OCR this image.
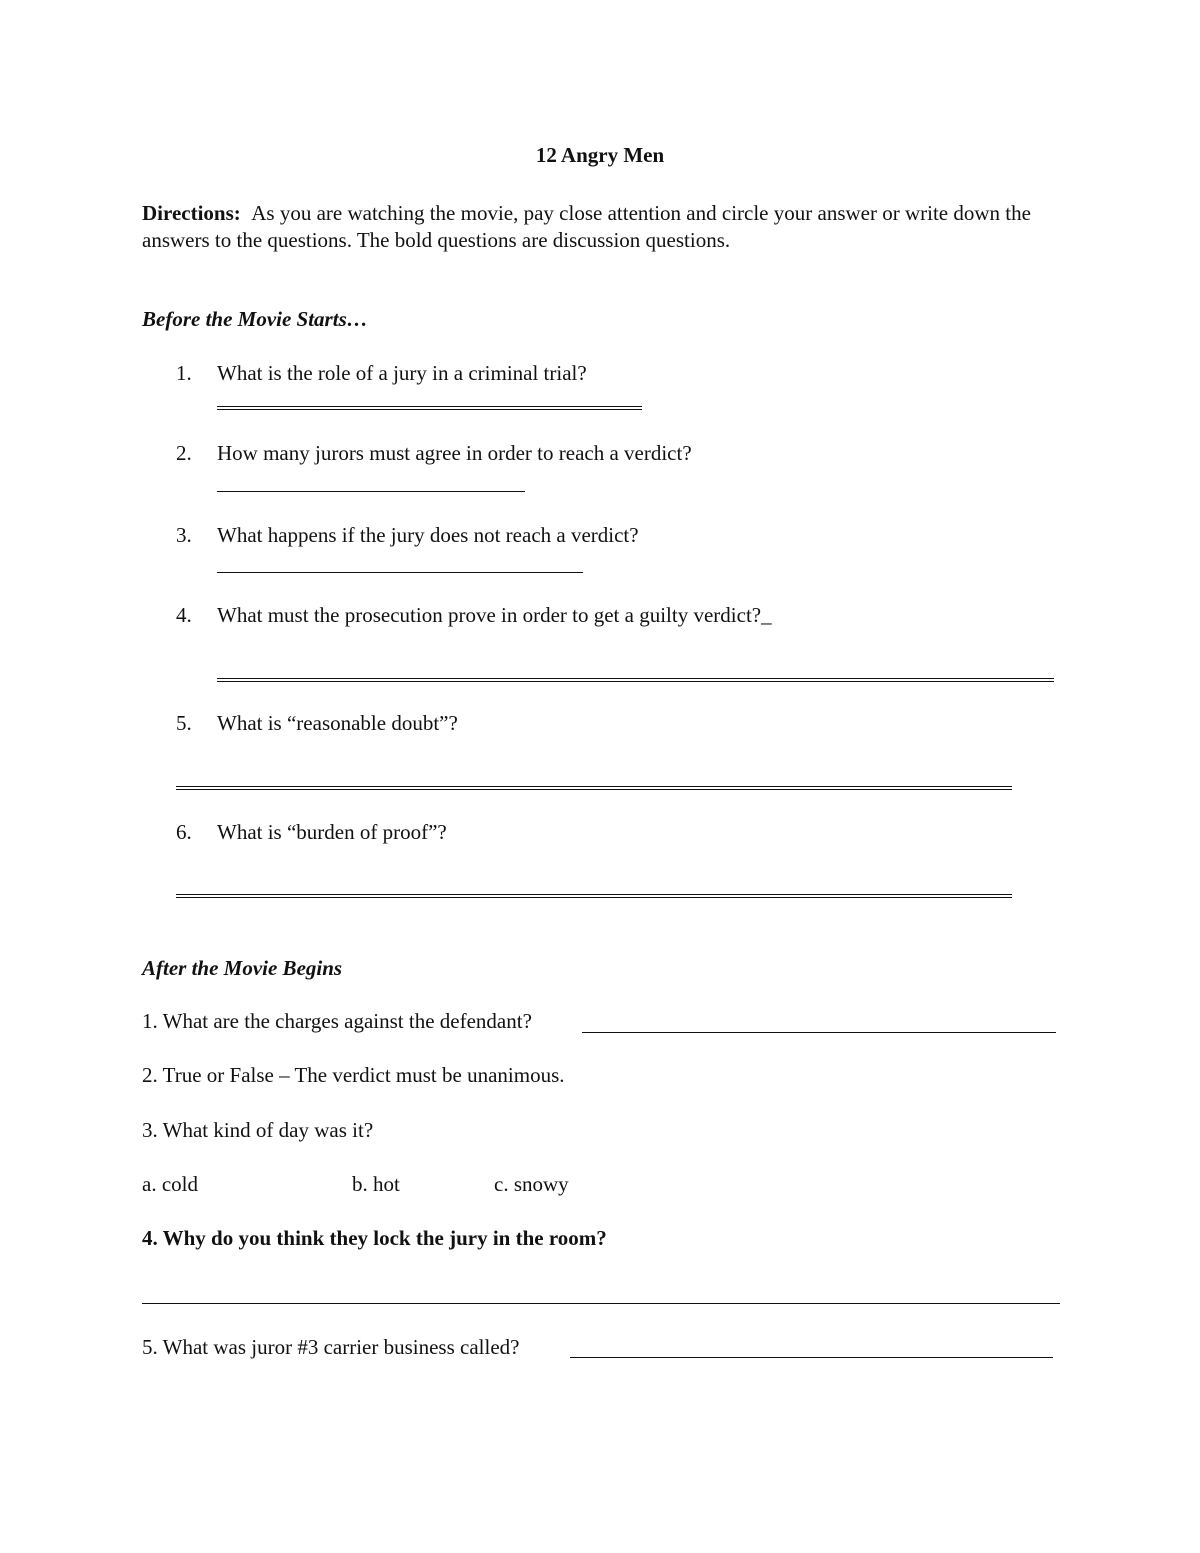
12 Angry Men
Directions: As you are watching the movie, pay close attention and circle your answer or write down the answers to the questions. The bold questions are discussion questions.
Before the Movie Starts…
1. What is the role of a jury in a criminal trial?
2. How many jurors must agree in order to reach a verdict?
3. What happens if the jury does not reach a verdict?
4. What must the prosecution prove in order to get a guilty verdict?_
5. What is “reasonable doubt”?
6. What is “burden of proof”?
After the Movie Begins
1. What are the charges against the defendant?
2. True or False – The verdict must be unanimous.
3. What kind of day was it?
a. cold	b. hot	c. snowy
4. Why do you think they lock the jury in the room?
5. What was juror #3 carrier business called?
